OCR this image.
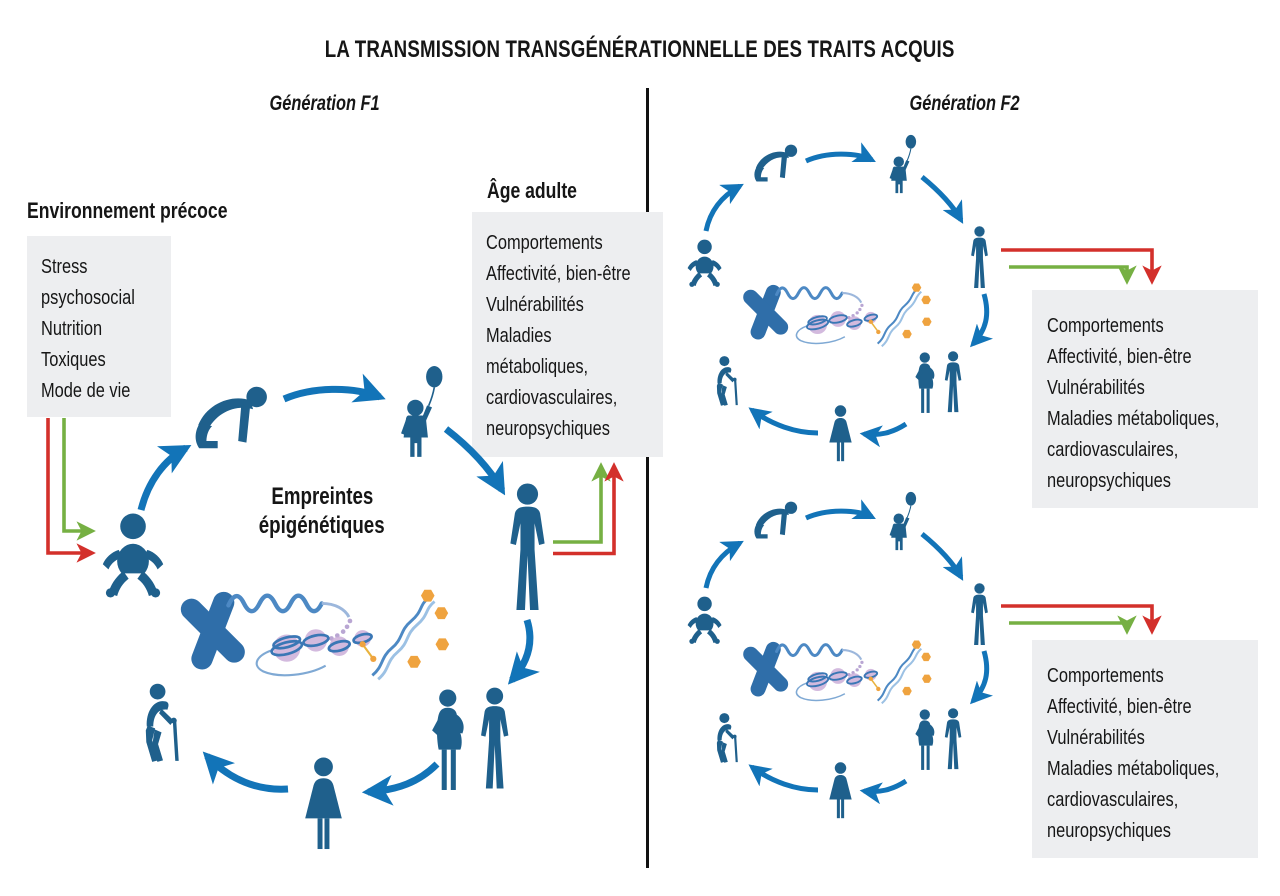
LA TRANSMISSION TRANSGÉNÉRATIONNELLE DES TRAITS ACQUIS
Génération F1	Génération F2
Environnement précoce
Stress
psychosocial
Nutrition
Toxiques
Mode de vie
Âge adulte
Comportements
Affectivité, bien-être
Vulnérabilités
Maladies
métaboliques,
cardiovasculaires,
neuropsychiques
Empreintes
épigénétiques
Comportements
Affectivité, bien-être
Vulnérabilités
Maladies métaboliques,
cardiovasculaires,
neuropsychiques
Comportements
Affectivité, bien-être
Vulnérabilités
Maladies métaboliques,
cardiovasculaires,
neuropsychiques
